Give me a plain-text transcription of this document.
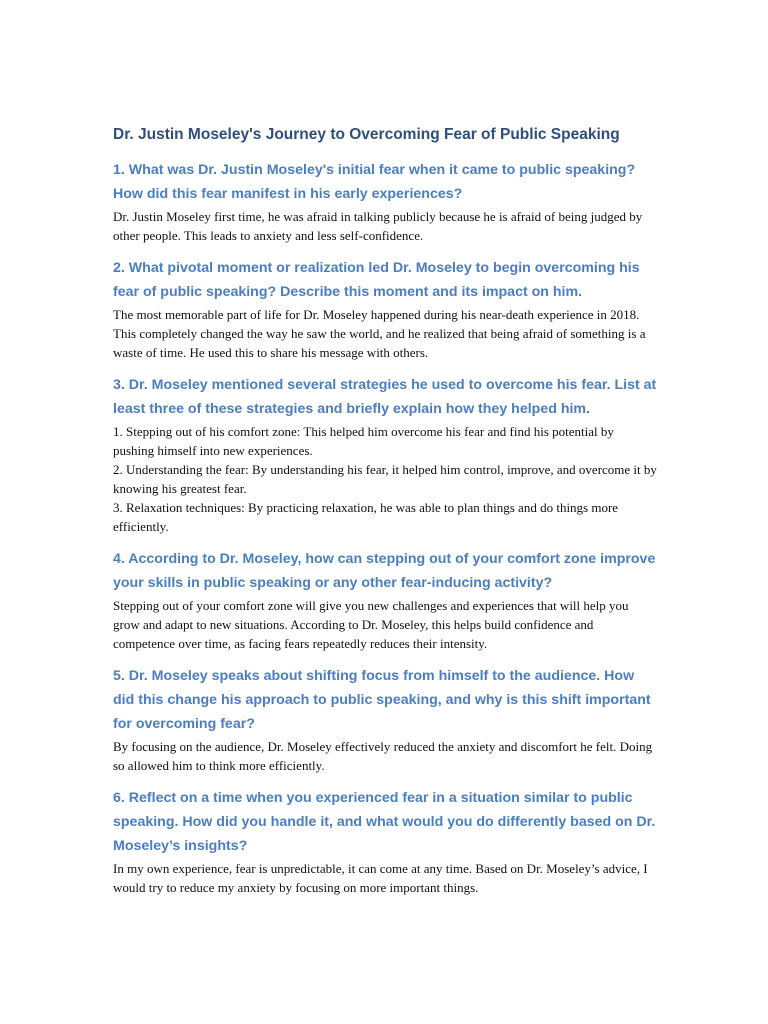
Dr. Justin Moseley's Journey to Overcoming Fear of Public Speaking

1. What was Dr. Justin Moseley's initial fear when it came to public speaking? How did this fear manifest in his early experiences?

Dr. Justin Moseley first time, he was afraid in talking publicly because he is afraid of being judged by other people. This leads to anxiety and less self-confidence.

2. What pivotal moment or realization led Dr. Moseley to begin overcoming his fear of public speaking? Describe this moment and its impact on him.

The most memorable part of life for Dr. Moseley happened during his near-death experience in 2018. This completely changed the way he saw the world, and he realized that being afraid of something is a waste of time. He used this to share his message with others.

3. Dr. Moseley mentioned several strategies he used to overcome his fear. List at least three of these strategies and briefly explain how they helped him.

1. Stepping out of his comfort zone: This helped him overcome his fear and find his potential by pushing himself into new experiences.
2. Understanding the fear: By understanding his fear, it helped him control, improve, and overcome it by knowing his greatest fear.
3. Relaxation techniques: By practicing relaxation, he was able to plan things and do things more efficiently.

4. According to Dr. Moseley, how can stepping out of your comfort zone improve your skills in public speaking or any other fear-inducing activity?

Stepping out of your comfort zone will give you new challenges and experiences that will help you grow and adapt to new situations. According to Dr. Moseley, this helps build confidence and competence over time, as facing fears repeatedly reduces their intensity.

5. Dr. Moseley speaks about shifting focus from himself to the audience. How did this change his approach to public speaking, and why is this shift important for overcoming fear?

By focusing on the audience, Dr. Moseley effectively reduced the anxiety and discomfort he felt. Doing so allowed him to think more efficiently.

6. Reflect on a time when you experienced fear in a situation similar to public speaking. How did you handle it, and what would you do differently based on Dr. Moseley’s insights?

In my own experience, fear is unpredictable, it can come at any time. Based on Dr. Moseley’s advice, I would try to reduce my anxiety by focusing on more important things.
